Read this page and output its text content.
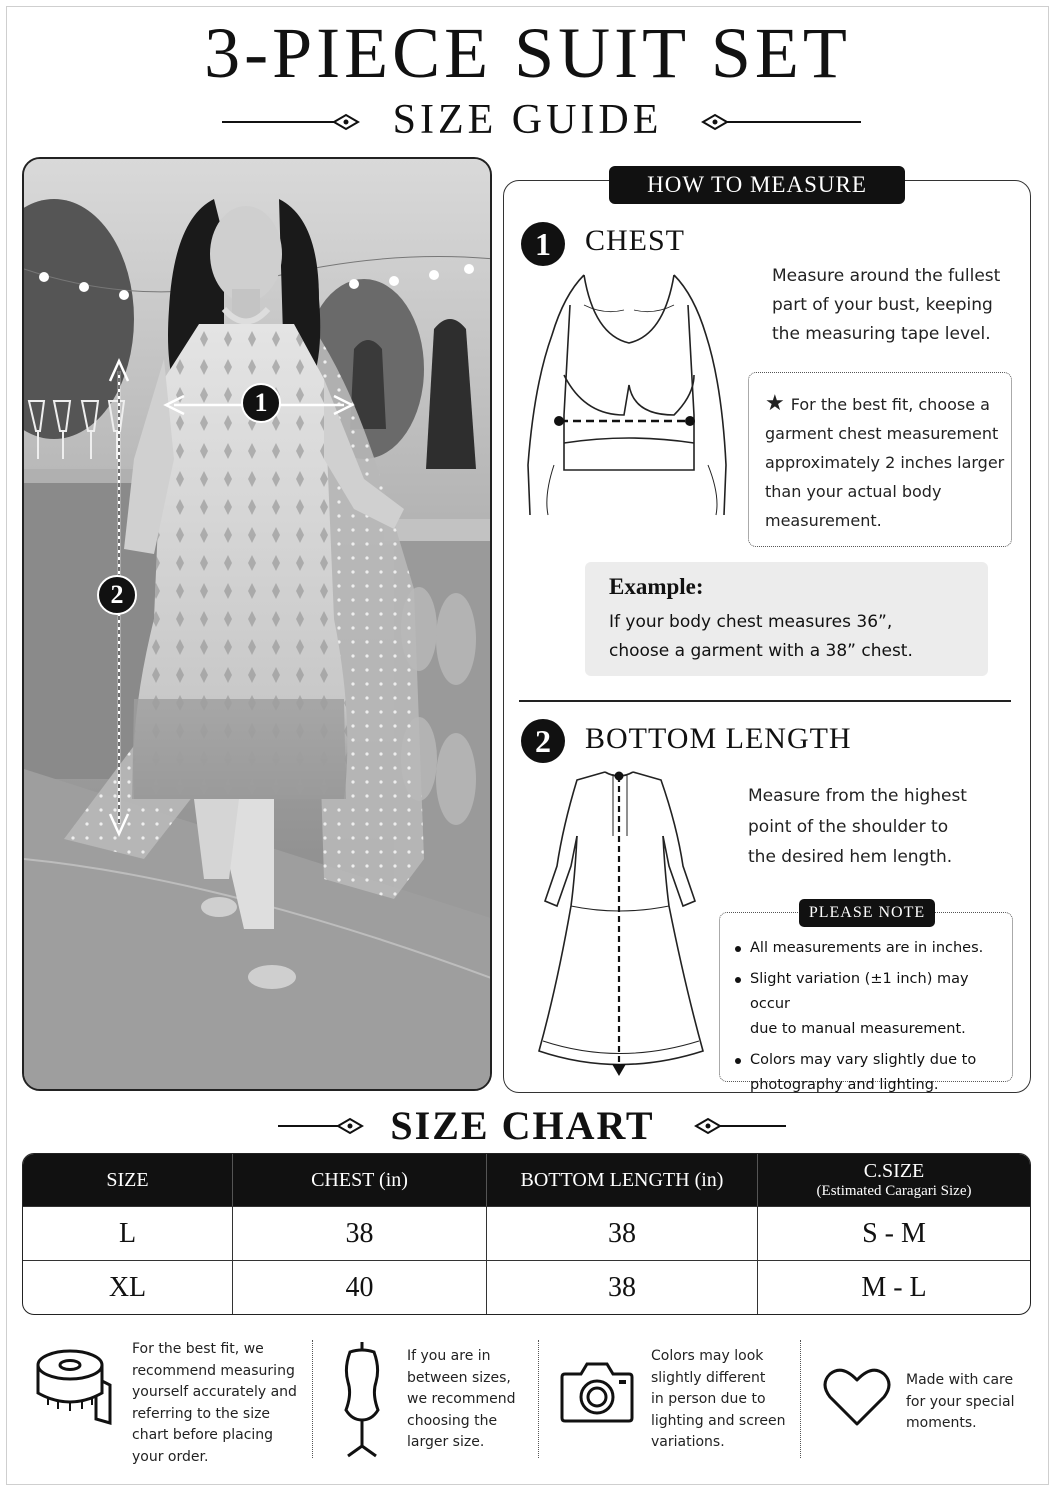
3-PIECE SUIT SET
SIZE GUIDE
1
2
HOW TO MEASURE
1	CHEST
Measure around the fullest
part of your bust, keeping
the measuring tape level.
★ For the best fit, choose a
garment chest measurement
approximately 2 inches larger
than your actual body
measurement.
Example:
If your body chest measures 36”,
choose a garment with a 38” chest.
2	BOTTOM LENGTH
Measure from the highest
point of the shoulder to
the desired hem length.
PLEASE NOTE
All measurements are in inches.
Slight variation (±1 inch) may occur
due to manual measurement.
Colors may vary slightly due to
photography and lighting.
SIZE CHART
SIZE	CHEST (in)	BOTTOM LENGTH (in)	C.SIZE
(Estimated Caragari Size)

L	38	38	S - M
XL	40	38	M - L
For the best fit, we
recommend measuring
yourself accurately and
referring to the size
chart before placing
your order.
If you are in
between sizes,
we recommend
choosing the
larger size.
Colors may look
slightly different
in person due to
lighting and screen
variations.
Made with care
for your special
moments.
